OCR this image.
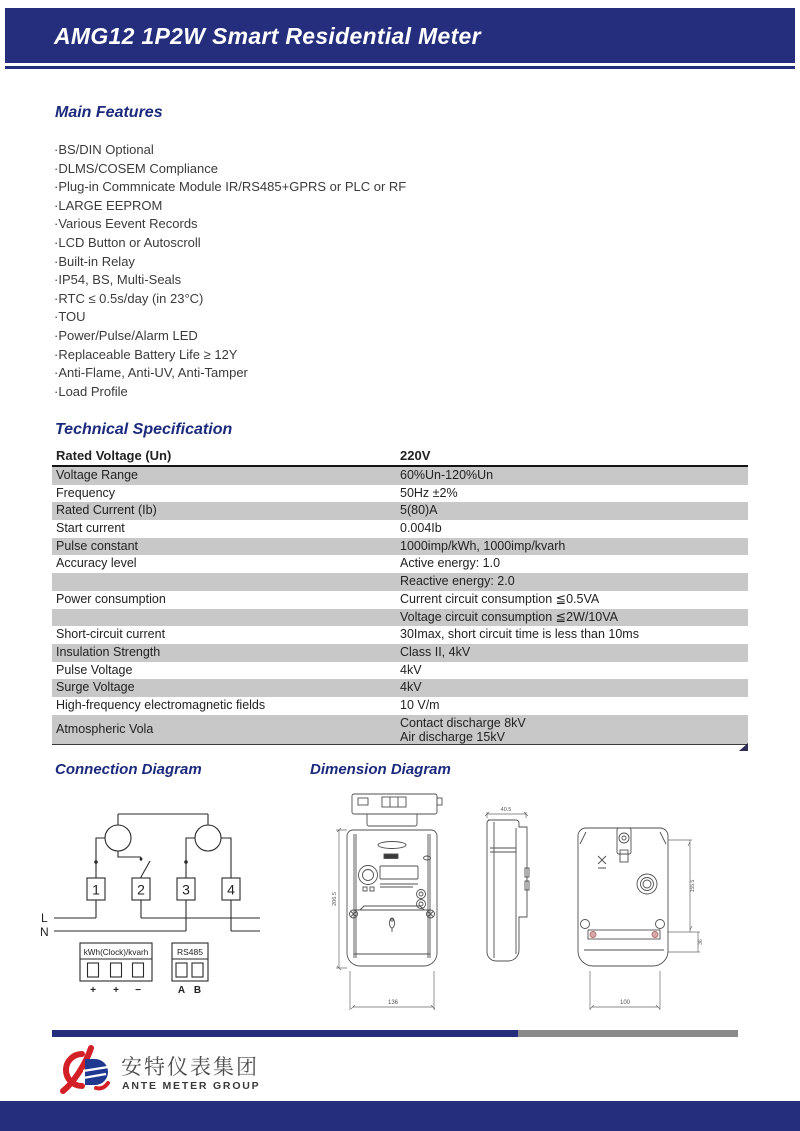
AMG12 1P2W Smart Residential Meter
Main Features
· BS/DIN Optional
· DLMS/COSEM Compliance
· Plug-in Commnicate Module IR/RS485+GPRS or PLC or RF
· LARGE EEPROM
· Various Eevent Records
· LCD Button or Autoscroll
· Built-in Relay
· IP54, BS, Multi-Seals
· RTC ≤ 0.5s/day (in 23°C)
· TOU
· Power/Pulse/Alarm LED
· Replaceable Battery Life ≥ 12Y
· Anti-Flame, Anti-UV, Anti-Tamper
· Load Profile
Technical Specification
Rated Voltage (Un)	220V
Voltage Range	60%Un-120%Un
Frequency	50Hz ±2%
Rated Current (Ib)	5(80)A
Start current	0.004Ib
Pulse constant	1000imp/kWh, 1000imp/kvarh
Accuracy level	Active energy: 1.0
Reactive energy: 2.0
Power consumption	Current circuit consumption ≦0.5VA
Voltage circuit consumption ≦2W/10VA
Short-circuit current	30Imax, short circuit time is less than 10ms
Insulation Strength	Class II, 4kV
Pulse Voltage	4kV
Surge Voltage	4kV
High-frequency electromagnetic fields	10 V/m
Atmospheric Vola	Contact discharge 8kV
Air discharge 15kV
Connection Diagram	Dimension Diagram
1	2	3	4
L
N
kWh(Clock)/kvarh	RS485
+ + −	A B
136	100
40.5
206.5
155.5
36
安特仪表集团
ANTE METER GROUP
